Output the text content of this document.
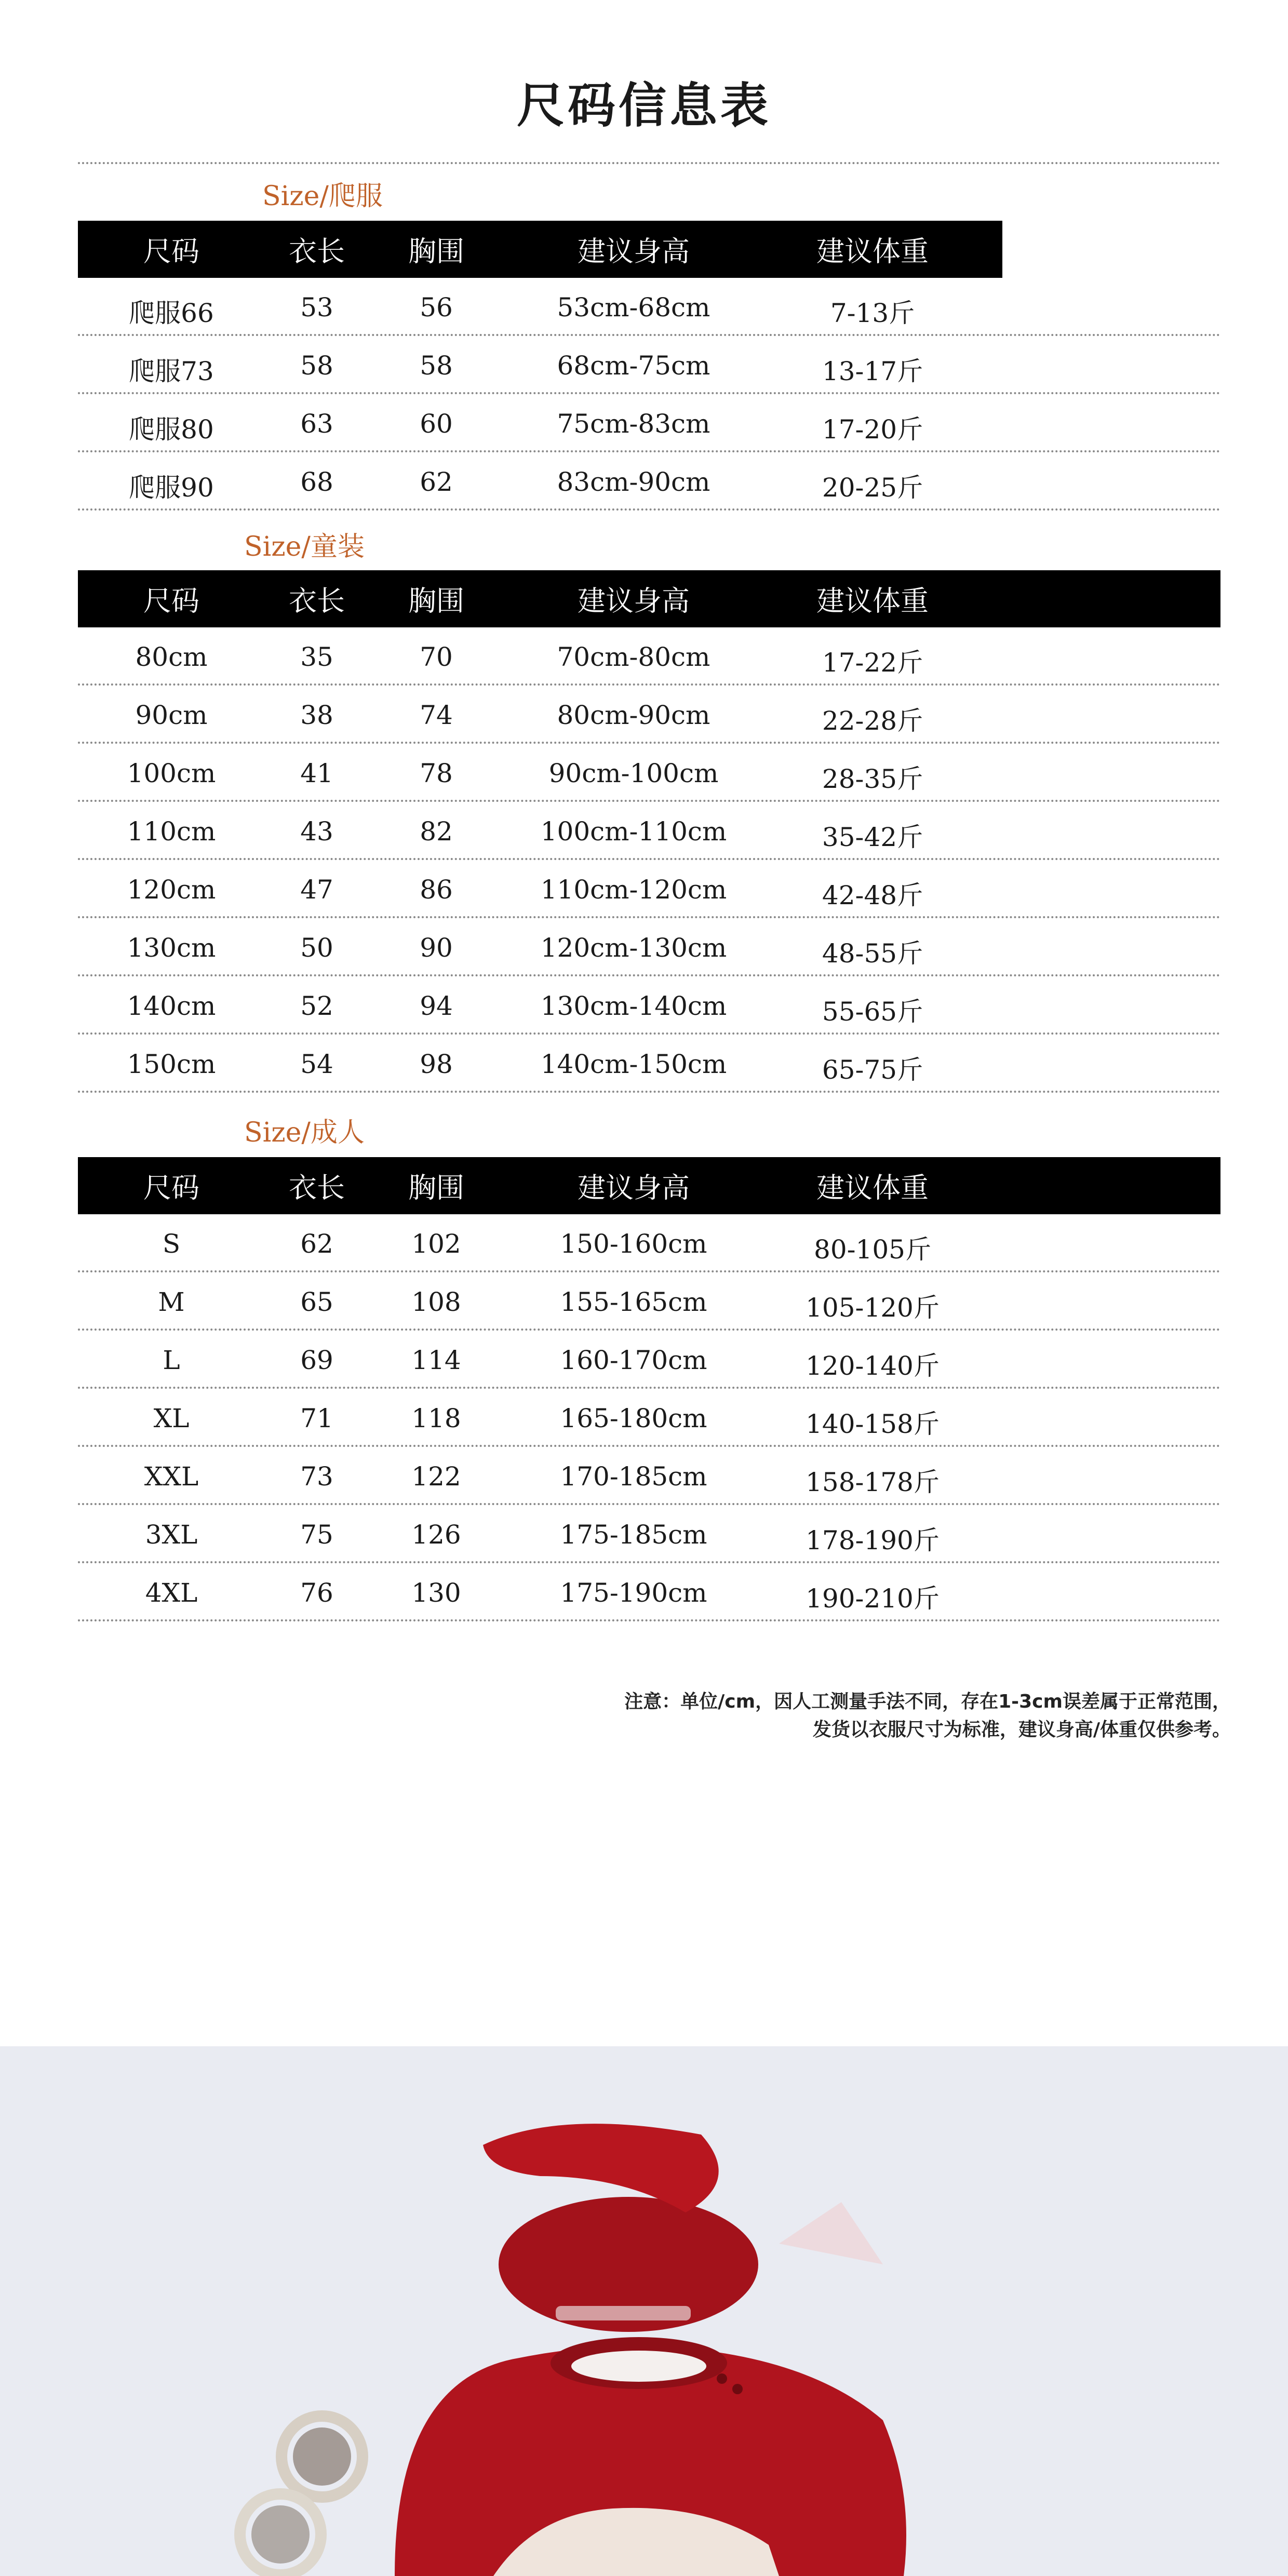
尺码信息表
Size/爬服
尺码	衣长	胸围	建议身高	建议体重
爬服66	53	56	53cm-68cm	7-13斤
爬服73	58	58	68cm-75cm	13-17斤
爬服80	63	60	75cm-83cm	17-20斤
爬服90	68	62	83cm-90cm	20-25斤
Size/童装
尺码	衣长	胸围	建议身高	建议体重
80cm	35	70	70cm-80cm	17-22斤
90cm	38	74	80cm-90cm	22-28斤
100cm	41	78	90cm-100cm	28-35斤
110cm	43	82	100cm-110cm	35-42斤
120cm	47	86	110cm-120cm	42-48斤
130cm	50	90	120cm-130cm	48-55斤
140cm	52	94	130cm-140cm	55-65斤
150cm	54	98	140cm-150cm	65-75斤
Size/成人
尺码	衣长	胸围	建议身高	建议体重
S	62	102	150-160cm	80-105斤
M	65	108	155-165cm	105-120斤
L	69	114	160-170cm	120-140斤
XL	71	118	165-180cm	140-158斤
XXL	73	122	170-185cm	158-178斤
3XL	75	126	175-185cm	178-190斤
4XL	76	130	175-190cm	190-210斤
注意：单位/cm，因人工测量手法不同，存在1-3cm误差属于正常范围，
发货以衣服尺寸为标准，建议身高/体重仅供参考。
